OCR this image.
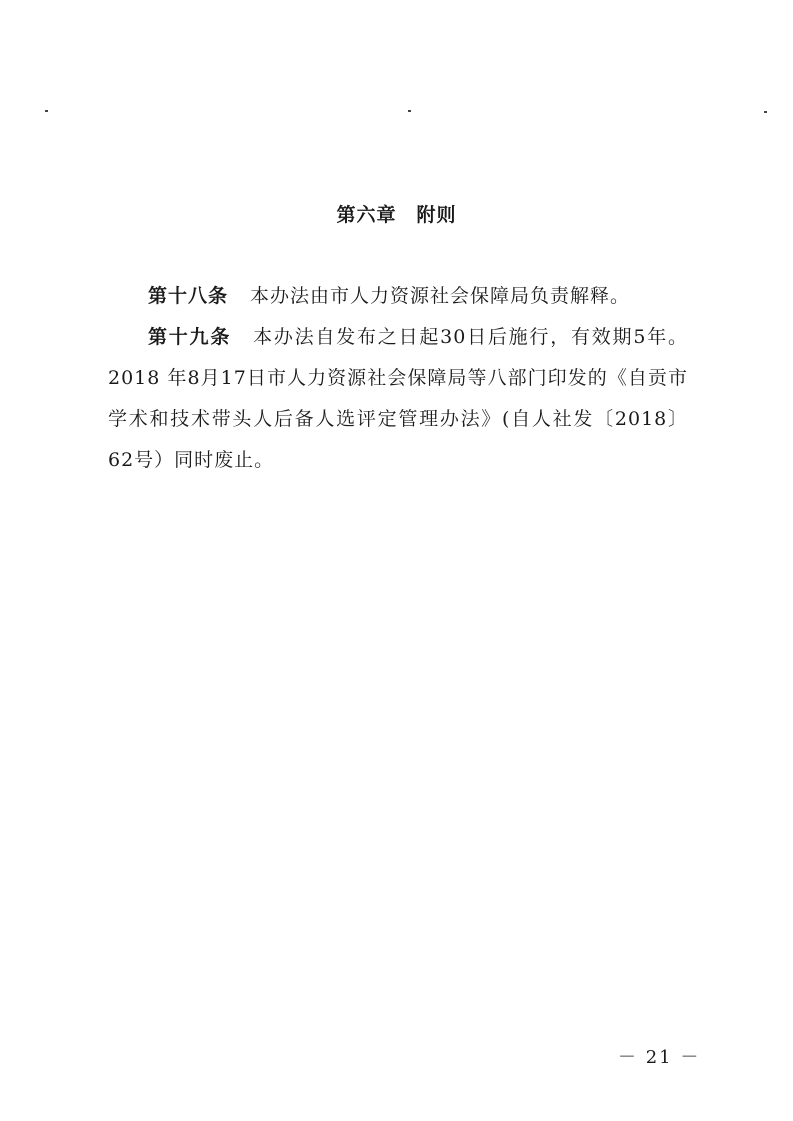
第六章　附则

第十八条 本办法由市人力资源社会保障局负责解释。

第十九条 本办法自发布之日起30日后施行，有效期5年。2018 年8月17日市人力资源社会保障局等八部门印发的《自贡市学术和技术带头人后备人选评定管理办法》(自人社发〔2018〕62号）同时废止。

－ 21 －
